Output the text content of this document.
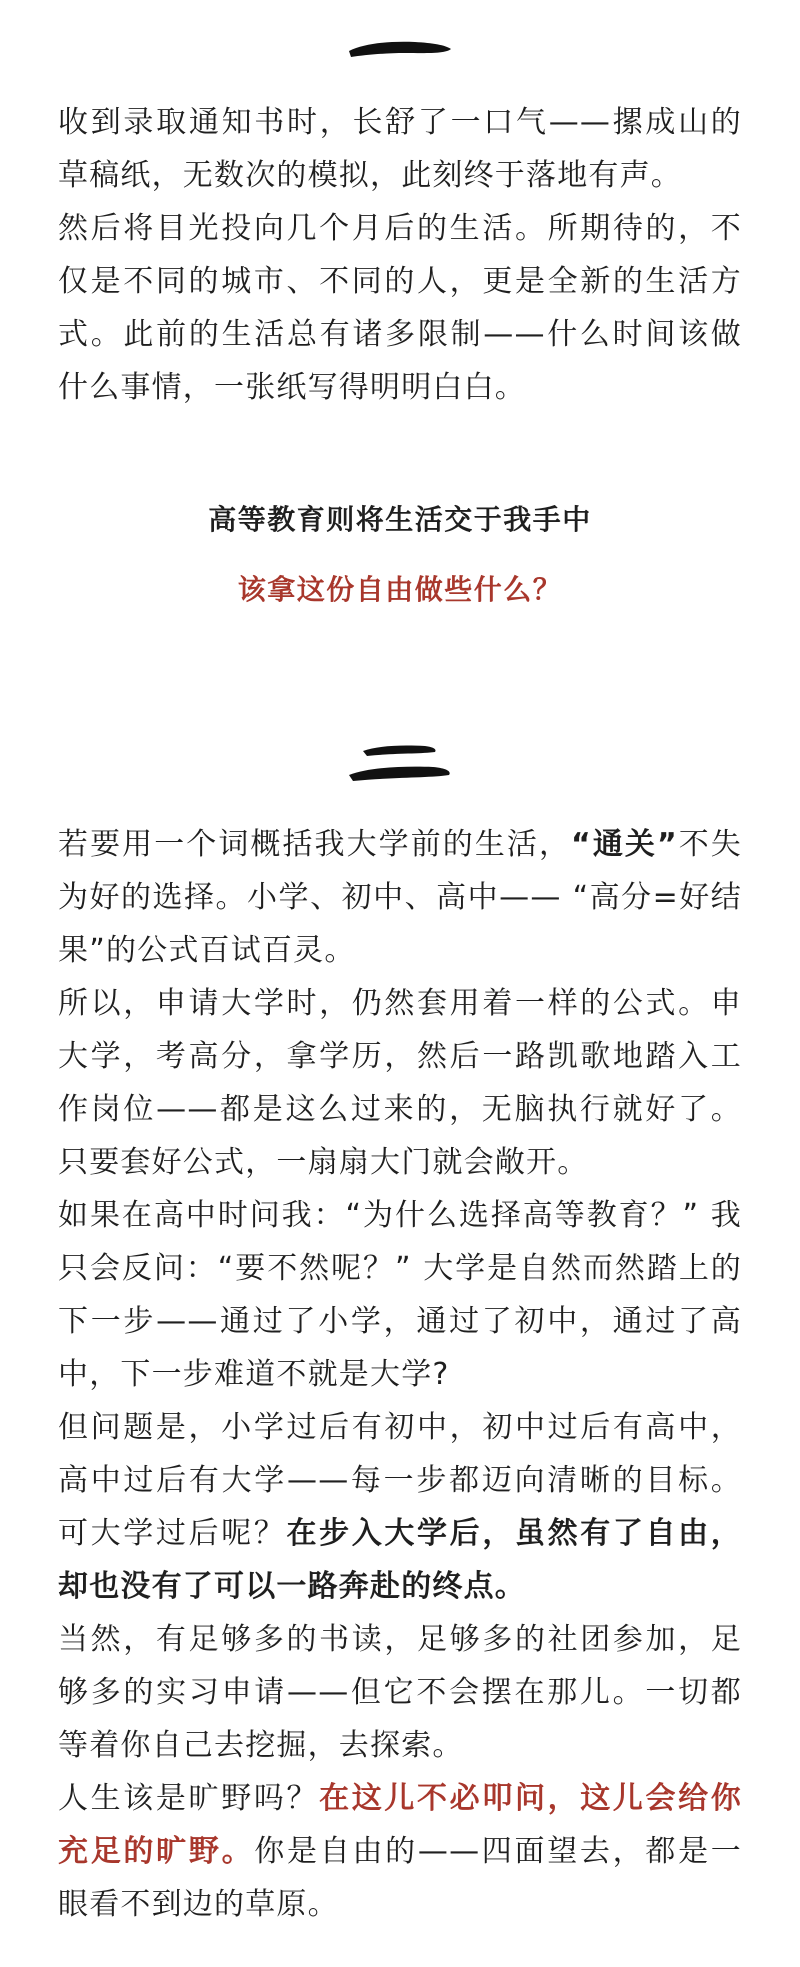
收到录取通知书时，长舒了一口气——摞成山的草稿纸，无数次的模拟，此刻终于落地有声。

然后将目光投向几个月后的生活。所期待的，不仅是不同的城市、不同的人，更是全新的生活方式。此前的生活总有诸多限制——什么时间该做什么事情，一张纸写得明明白白。

高等教育则将生活交于我手中

该拿这份自由做些什么？

若要用一个词概括我大学前的生活，“通关”不失为好的选择。小学、初中、高中—— “高分=好结果”的公式百试百灵。

所以，申请大学时，仍然套用着一样的公式。申大学，考高分，拿学历，然后一路凯歌地踏入工作岗位——都是这么过来的，无脑执行就好了。只要套好公式，一扇扇大门就会敞开。

如果在高中时问我：“为什么选择高等教育？” 我只会反问：“要不然呢？” 大学是自然而然踏上的下一步——通过了小学，通过了初中，通过了高中，下一步难道不就是大学?

但问题是，小学过后有初中，初中过后有高中，高中过后有大学——每一步都迈向清晰的目标。可大学过后呢？在步入大学后，虽然有了自由，却也没有了可以一路奔赴的终点。

当然，有足够多的书读，足够多的社团参加，足够多的实习申请——但它不会摆在那儿。一切都等着你自己去挖掘，去探索。

人生该是旷野吗？在这儿不必叩问，这儿会给你充足的旷野。你是自由的——四面望去，都是一眼看不到边的草原。
